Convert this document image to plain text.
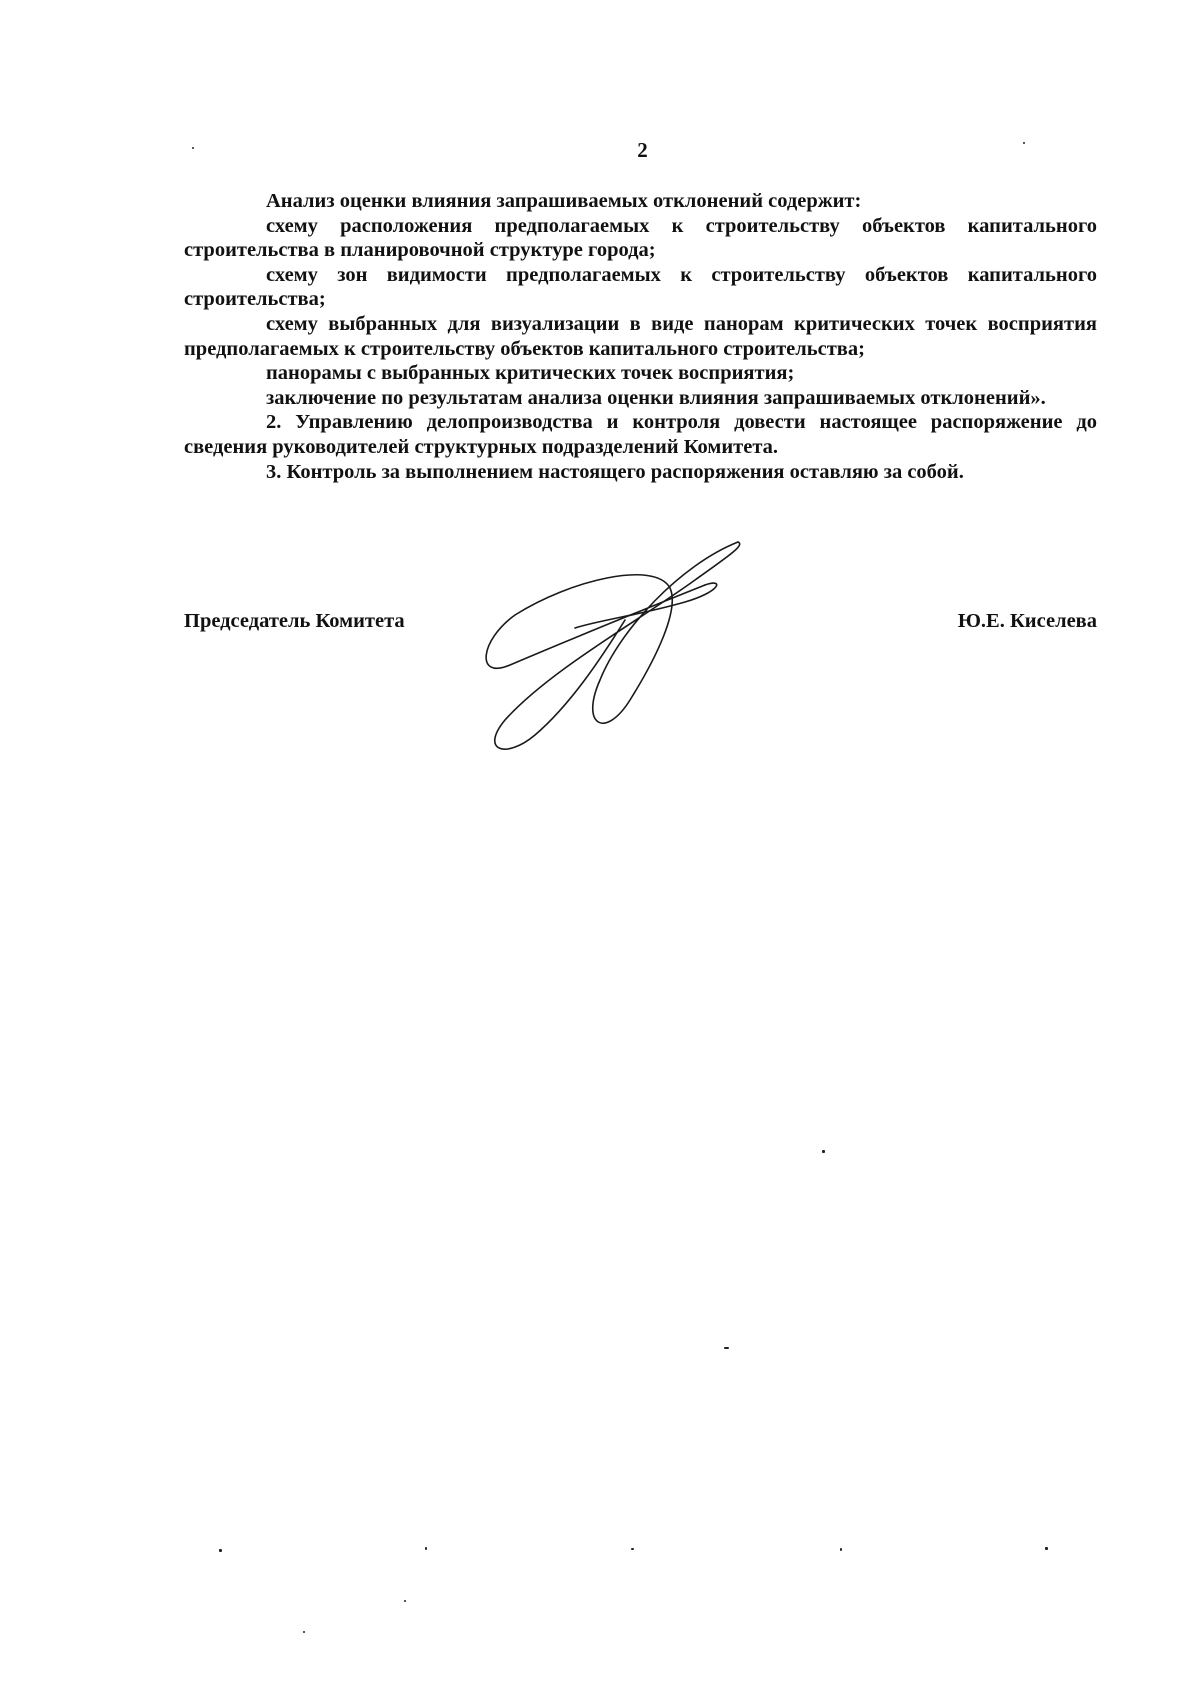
2

Анализ оценки влияния запрашиваемых отклонений содержит:

схему расположения предполагаемых к строительству объектов капитального строительства в планировочной структуре города;

схему зон видимости предполагаемых к строительству объектов капитального строительства;

схему выбранных для визуализации в виде панорам критических точек восприятия предполагаемых к строительству объектов капитального строительства;

панорамы с выбранных критических точек восприятия;

заключение по результатам анализа оценки влияния запрашиваемых отклонений».

2. Управлению делопроизводства и контроля довести настоящее распоряжение до сведения руководителей структурных подразделений Комитета.

3. Контроль за выполнением настоящего распоряжения оставляю за собой.

Председатель Комитета	Ю.Е. Киселева
